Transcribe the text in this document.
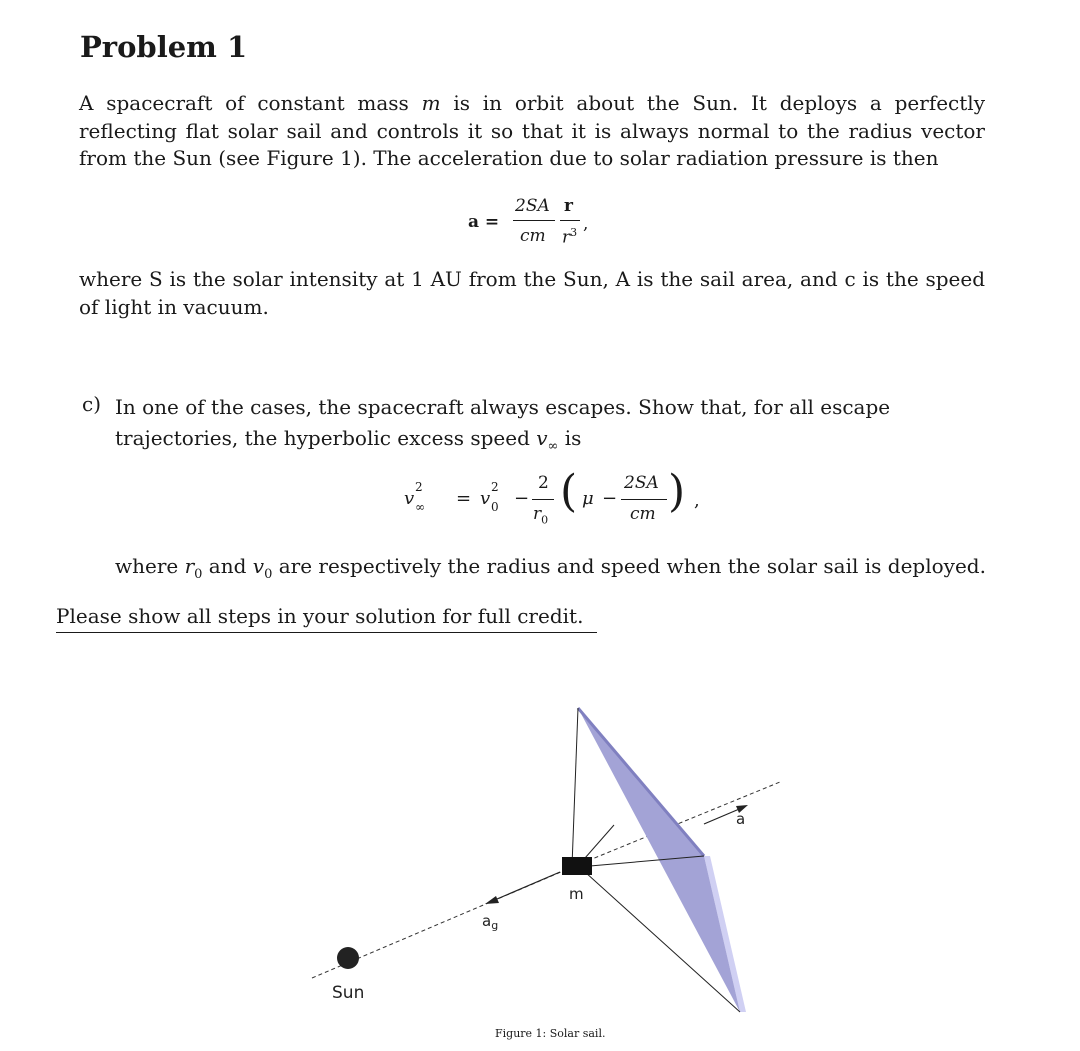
Problem 1
A spacecraft of constant mass m is in orbit about the Sun. It deploys a perfectly reflecting flat solar sail and controls it so that it is always normal to the radius vector from the Sun (see Figure 1). The acceleration due to solar radiation pressure is then
a =
2SA
cm
r
$r^3$ ,
where S is the solar intensity at 1 AU from the Sun, A is the sail area, and c is the speed of light in vacuum.
c) In one of the cases, the spacecraft always escapes. Show that, for all escape trajectories, the hyperbolic excess speed $v_\infty$ is
v
2
∞ = v
2
0 −
2
$r_0$
( μ −
2SA
cm ) ,
where $r_0$ and $v_0$ are respectively the radius and speed when the solar sail is deployed.
Please show all steps in your solution for full credit.
m
$a_g$
a
Sun
Figure 1: Solar sail.
